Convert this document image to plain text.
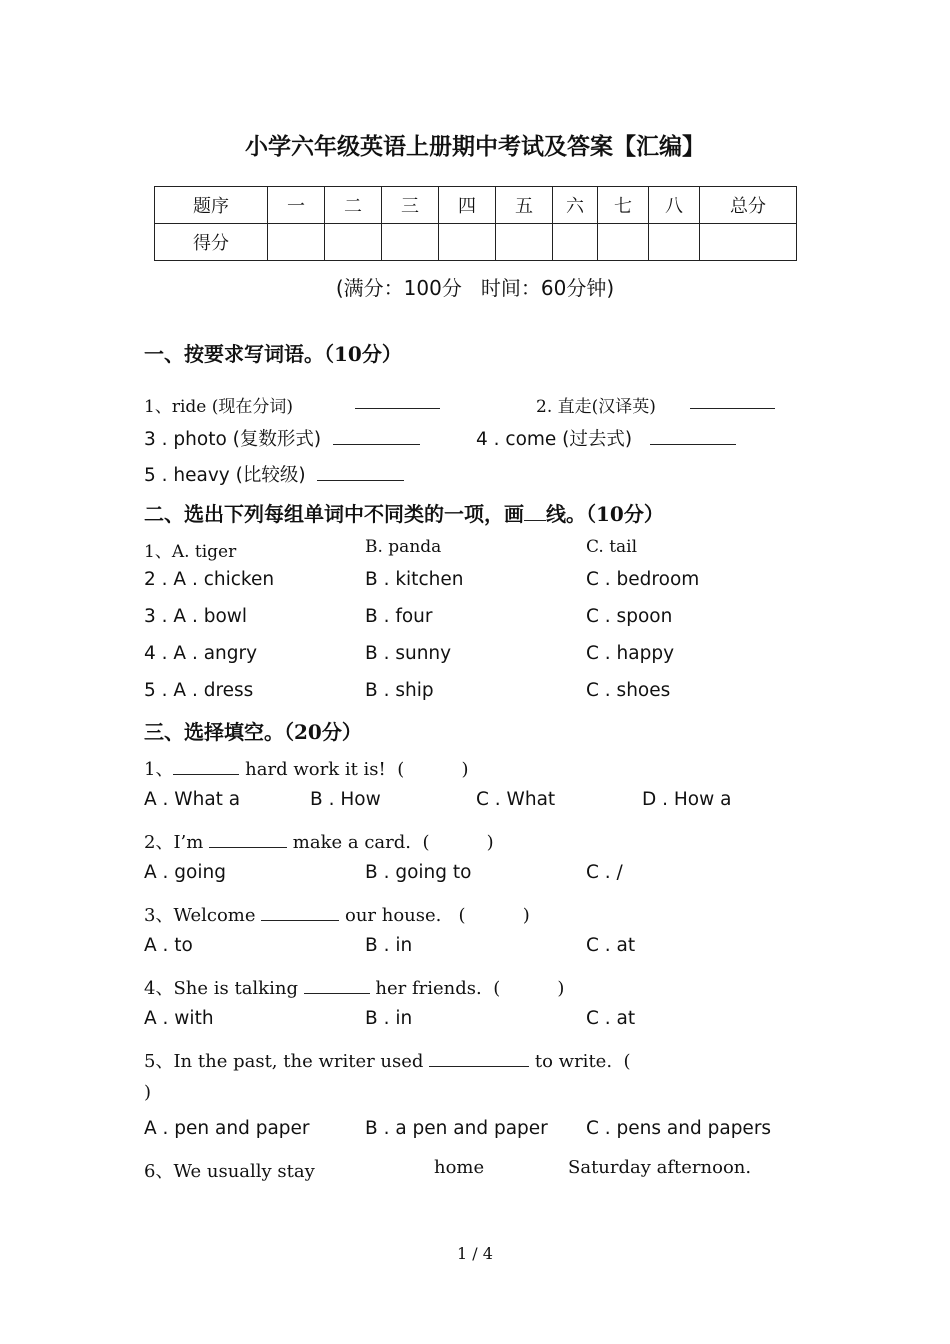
小学六年级英语上册期中考试及答案【汇编】
题序	一	二	三	四	五	六	七	八	总分
得分									
(满分：100分   时间：60分钟)
一、按要求写词语。（10分）
1、ride (现在分词)	2. 直走(汉译英)
3 . photo (复数形式)	4 . come (过去式)
5 . heavy (比较级)
二、选出下列每组单词中不同类的一项，画 线。（10分）
1、A. tiger	B. panda	C. tail
2 . A . chicken	B . kitchen	C . bedroom
3 . A . bowl	B . four	C . spoon
4 . A . angry	B . sunny	C . happy
5 . A . dress	B . ship	C . shoes
三、选择填空。（20分）
1、	hard work it is!  (          )
A . What a	B . How	C . What	D . How a
2、I’m	make a card.  (          )
A . going	B . going to	C . /
3、Welcome	our house.   (          )
A . to	B . in	C . at
4、She is talking	her friends.  (          )
A . with	B . in	C . at
5、In the past, the writer used	to write.  (
)
A . pen and paper	B . a pen and paper C . pens and papers
6、We usually stay	home	Saturday afternoon.
1 / 4
